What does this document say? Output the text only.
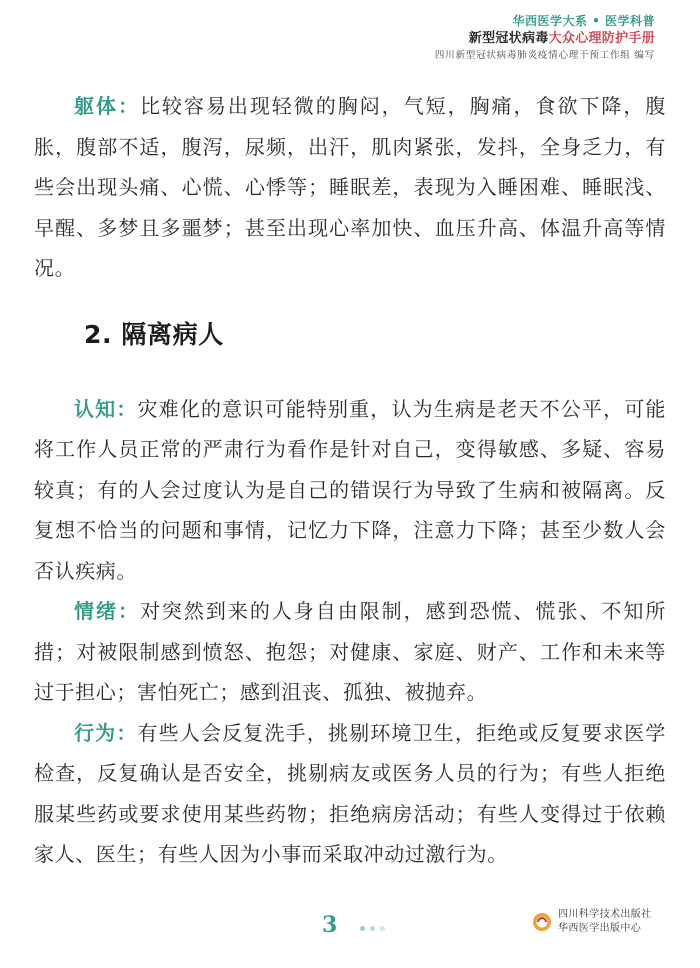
华西医学大系 • 医学科普
新型冠状病毒大众心理防护手册
四川新型冠状病毒肺炎疫情心理干预工作组 编写

躯体：比较容易出现轻微的胸闷，气短，胸痛，食欲下降，腹胀，腹部不适，腹泻，尿频，出汗，肌肉紧张，发抖，全身乏力，有些会出现头痛、心慌、心悸等；睡眠差，表现为入睡困难、睡眠浅、早醒、多梦且多噩梦；甚至出现心率加快、血压升高、体温升高等情况。

2. 隔离病人

认知：灾难化的意识可能特别重，认为生病是老天不公平，可能将工作人员正常的严肃行为看作是针对自己，变得敏感、多疑、容易较真；有的人会过度认为是自己的错误行为导致了生病和被隔离。反复想不恰当的问题和事情，记忆力下降，注意力下降；甚至少数人会否认疾病。

情绪：对突然到来的人身自由限制，感到恐慌、慌张、不知所措；对被限制感到愤怒、抱怨；对健康、家庭、财产、工作和未来等过于担心；害怕死亡；感到沮丧、孤独、被抛弃。

行为：有些人会反复洗手，挑剔环境卫生，拒绝或反复要求医学检查，反复确认是否安全，挑剔病友或医务人员的行为；有些人拒绝服某些药或要求使用某些药物；拒绝病房活动；有些人变得过于依赖家人、医生；有些人因为小事而采取冲动过激行为。

3	四川科学技术出版社
华西医学出版中心
